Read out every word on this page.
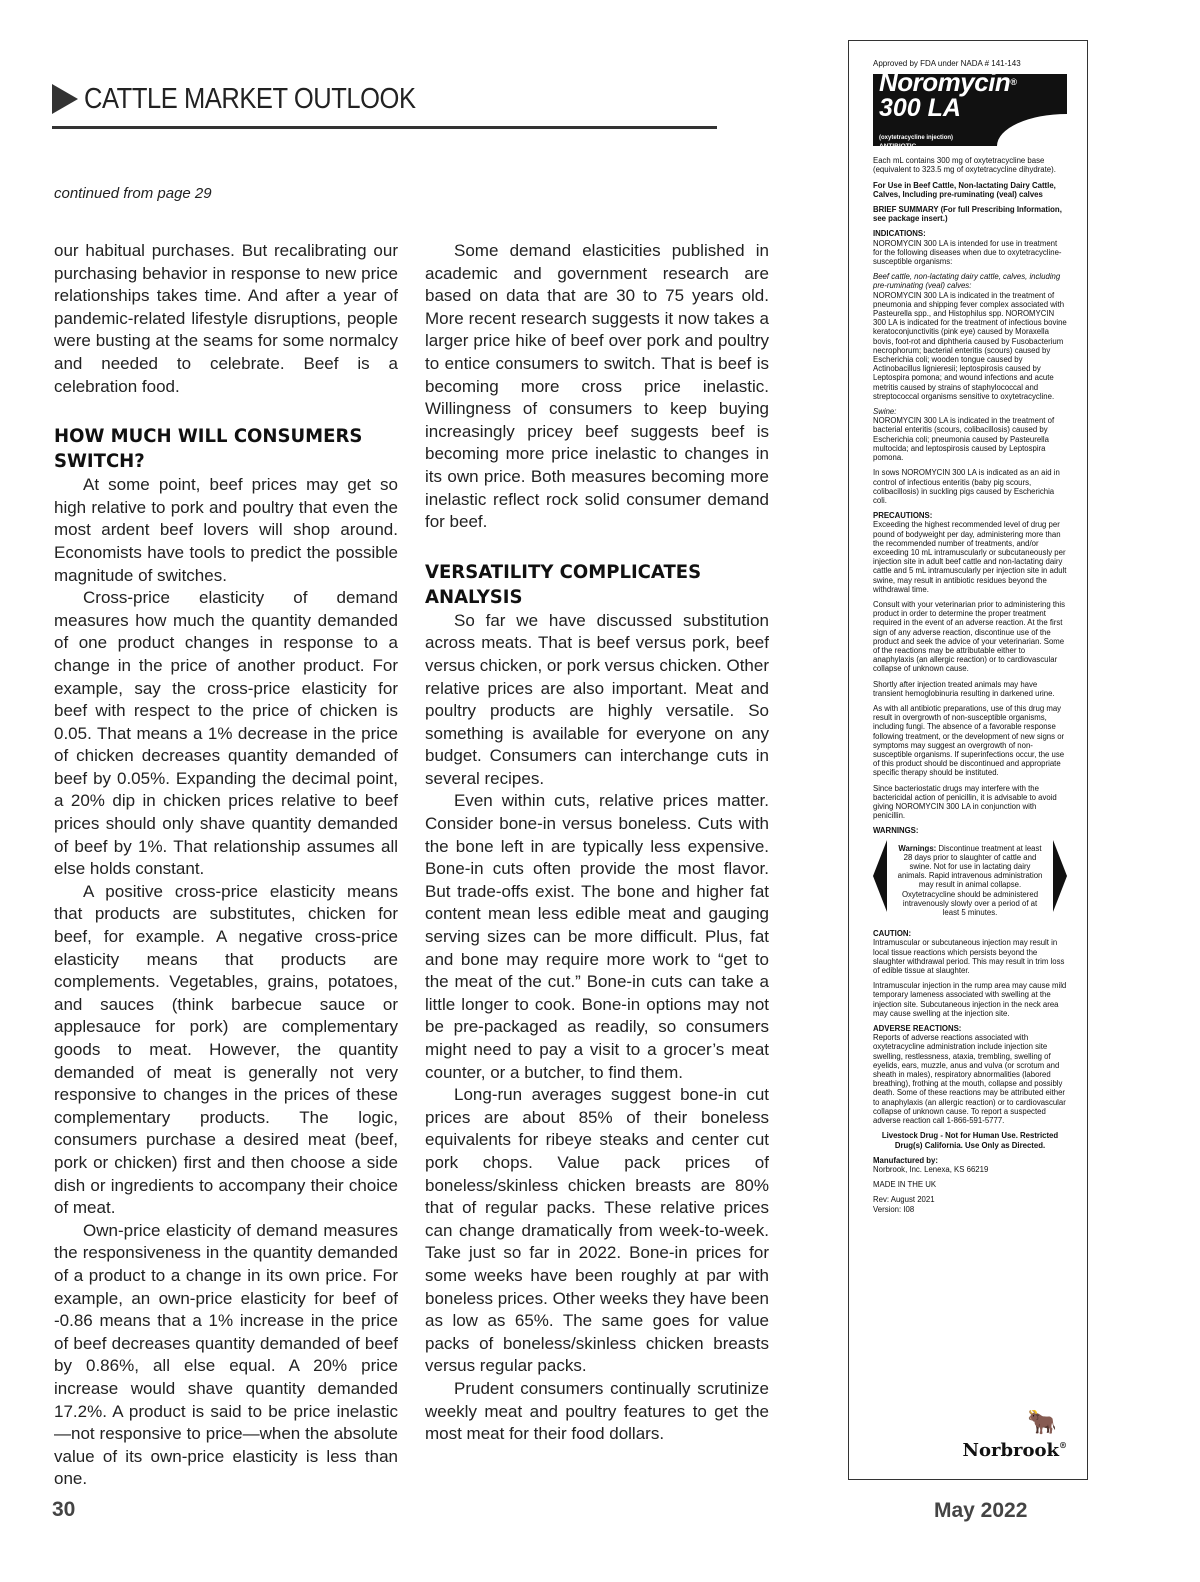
CATTLE MARKET OUTLOOK
continued from page 29

our habitual purchases. But recalibrating our purchasing behavior in response to new price relationships takes time. And after a year of pandemic-related lifestyle disruptions, people were busting at the seams for some normalcy and needed to celebrate. Beef is a celebration food.

HOW MUCH WILL CONSUMERS SWITCH?

At some point, beef prices may get so high relative to pork and poultry that even the most ardent beef lovers will shop around. Economists have tools to predict the possible magnitude of switches.

Cross-price elasticity of demand measures how much the quantity demanded of one product changes in response to a change in the price of another product. For example, say the cross-price elasticity for beef with respect to the price of chicken is 0.05. That means a 1% decrease in the price of chicken decreases quantity demanded of beef by 0.05%. Expanding the decimal point, a 20% dip in chicken prices relative to beef prices should only shave quantity demanded of beef by 1%. That relationship assumes all else holds constant.

A positive cross-price elasticity means that products are substitutes, chicken for beef, for example. A negative cross-price elasticity means that products are complements. Vegetables, grains, potatoes, and sauces (think barbecue sauce or applesauce for pork) are complementary goods to meat. However, the quantity demanded of meat is generally not very responsive to changes in the prices of these complementary products. The logic, consumers purchase a desired meat (beef, pork or chicken) first and then choose a side dish or ingredients to accompany their choice of meat.

Own-price elasticity of demand measures the responsiveness in the quantity demanded of a product to a change in its own price. For example, an own-price elasticity for beef of -0.86 means that a 1% increase in the price of beef decreases quantity demanded of beef by 0.86%, all else equal. A 20% price increase would shave quantity demanded 17.2%. A product is said to be price inelastic—not responsive to price—when the absolute value of its own-price elasticity is less than one.

Some demand elasticities published in academic and government research are based on data that are 30 to 75 years old. More recent research suggests it now takes a larger price hike of beef over pork and poultry to entice consumers to switch. That is beef is becoming more cross price inelastic. Willingness of consumers to keep buying increasingly pricey beef suggests beef is becoming more price inelastic to changes in its own price. Both measures becoming more inelastic reflect rock solid consumer demand for beef.

VERSATILITY COMPLICATES ANALYSIS

So far we have discussed substitution across meats. That is beef versus pork, beef versus chicken, or pork versus chicken. Other relative prices are also important. Meat and poultry products are highly versatile. So something is available for everyone on any budget. Consumers can interchange cuts in several recipes.

Even within cuts, relative prices matter. Consider bone-in versus boneless. Cuts with the bone left in are typically less expensive. Bone-in cuts often provide the most flavor. But trade-offs exist. The bone and higher fat content mean less edible meat and gauging serving sizes can be more difficult. Plus, fat and bone may require more work to “get to the meat of the cut.” Bone-in cuts can take a little longer to cook. Bone-in options may not be pre-packaged as readily, so consumers might need to pay a visit to a grocer’s meat counter, or a butcher, to find them.

Long-run averages suggest bone-in cut prices are about 85% of their boneless equivalents for ribeye steaks and center cut pork chops. Value pack prices of boneless/skinless chicken breasts are 80% that of regular packs. These relative prices can change dramatically from week-to-week. Take just so far in 2022. Bone-in prices for some weeks have been roughly at par with boneless prices. Other weeks they have been as low as 65%. The same goes for value packs of boneless/skinless chicken breasts versus regular packs.

Prudent consumers continually scrutinize weekly meat and poultry features to get the most meat for their food dollars.

Approved by FDA under NADA # 141-143

Noromycin®
300 LA
(oxytetracycline injection)
ANTIBIOTIC

Each mL contains 300 mg of oxytetracycline base (equivalent to 323.5 mg of oxytetracycline dihydrate).

For Use in Beef Cattle, Non-lactating Dairy Cattle, Calves, Including pre-ruminating (veal) calves

BRIEF SUMMARY (For full Prescribing Information, see package insert.)

INDICATIONS:

NOROMYCIN 300 LA is intended for use in treatment for the following diseases when due to oxytetracycline-susceptible organisms:

Beef cattle, non-lactating dairy cattle, calves, including pre-ruminating (veal) calves:

NOROMYCIN 300 LA is indicated in the treatment of pneumonia and shipping fever complex associated with Pasteurella spp., and Histophilus spp. NOROMYCIN 300 LA is indicated for the treatment of infectious bovine keratoconjunctivitis (pink eye) caused by Moraxella bovis, foot-rot and diphtheria caused by Fusobacterium necrophorum; bacterial enteritis (scours) caused by Escherichia coli; wooden tongue caused by Actinobacillus lignieresii; leptospirosis caused by Leptospira pomona; and wound infections and acute metritis caused by strains of staphylococcal and streptococcal organisms sensitive to oxytetracycline.

Swine:

NOROMYCIN 300 LA is indicated in the treatment of bacterial enteritis (scours, colibacillosis) caused by Escherichia coli; pneumonia caused by Pasteurella multocida; and leptospirosis caused by Leptospira pomona.

In sows NOROMYCIN 300 LA is indicated as an aid in control of infectious enteritis (baby pig scours, colibacillosis) in suckling pigs caused by Escherichia coli.

PRECAUTIONS:

Exceeding the highest recommended level of drug per pound of bodyweight per day, administering more than the recommended number of treatments, and/or exceeding 10 mL intramuscularly or subcutaneously per injection site in adult beef cattle and non-lactating dairy cattle and 5 mL intramuscularly per injection site in adult swine, may result in antibiotic residues beyond the withdrawal time.

Consult with your veterinarian prior to administering this product in order to determine the proper treatment required in the event of an adverse reaction. At the first sign of any adverse reaction, discontinue use of the product and seek the advice of your veterinarian. Some of the reactions may be attributable either to anaphylaxis (an allergic reaction) or to cardiovascular collapse of unknown cause.

Shortly after injection treated animals may have transient hemoglobinuria resulting in darkened urine.

As with all antibiotic preparations, use of this drug may result in overgrowth of non-susceptible organisms, including fungi. The absence of a favorable response following treatment, or the development of new signs or symptoms may suggest an overgrowth of non-susceptible organisms. If superinfections occur, the use of this product should be discontinued and appropriate specific therapy should be instituted.

Since bacteriostatic drugs may interfere with the bactericidal action of penicillin, it is advisable to avoid giving NOROMYCIN 300 LA in conjunction with penicillin.

WARNINGS:
Warnings: Discontinue treatment at least 28 days prior to slaughter of cattle and swine. Not for use in lactating dairy animals. Rapid intravenous administration may result in animal collapse. Oxytetracycline should be administered intravenously slowly over a period of at least 5 minutes.
CAUTION:

Intramuscular or subcutaneous injection may result in local tissue reactions which persists beyond the slaughter withdrawal period. This may result in trim loss of edible tissue at slaughter.

Intramuscular injection in the rump area may cause mild temporary lameness associated with swelling at the injection site. Subcutaneous injection in the neck area may cause swelling at the injection site.

ADVERSE REACTIONS:

Reports of adverse reactions associated with oxytetracycline administration include injection site swelling, restlessness, ataxia, trembling, swelling of eyelids, ears, muzzle, anus and vulva (or scrotum and sheath in males), respiratory abnormalities (labored breathing), frothing at the mouth, collapse and possibly death. Some of these reactions may be attributed either to anaphylaxis (an allergic reaction) or to cardiovascular collapse of unknown cause. To report a suspected adverse reaction call 1-866-591-5777.

Livestock Drug - Not for Human Use. Restricted Drug(s) California. Use Only as Directed.

Manufactured by:

Norbrook, Inc. Lenexa, KS 66219

MADE IN THE UK

Rev: August 2021
Version: I08
🐂
Norbrook®
30	May 2022
